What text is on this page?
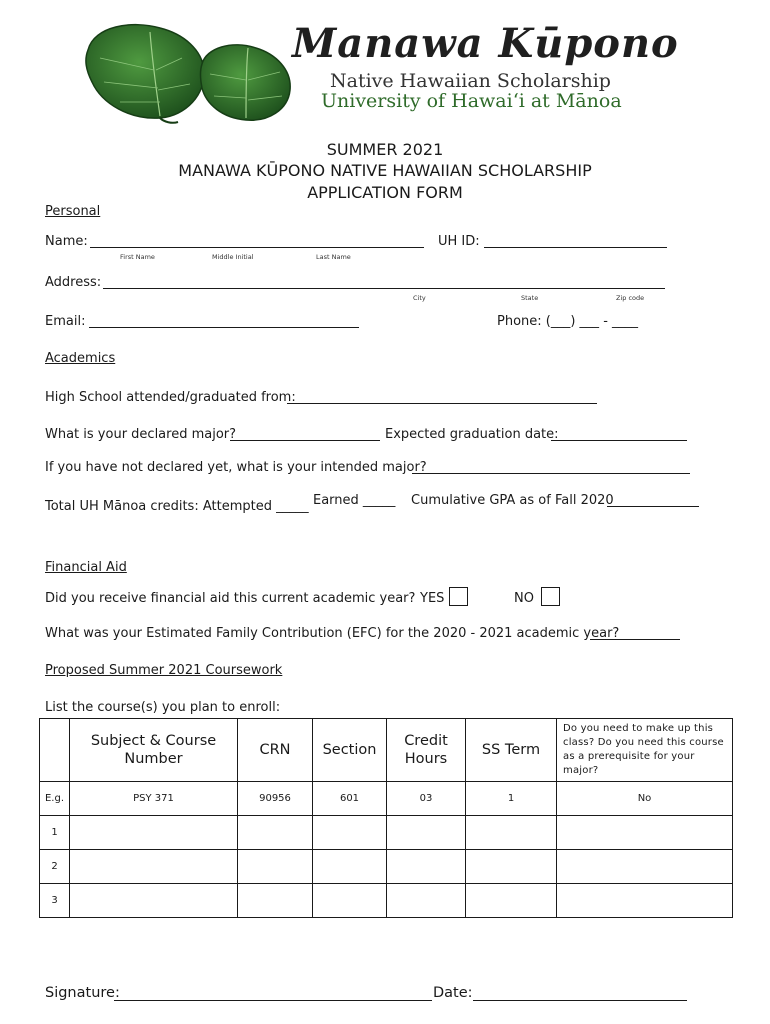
Manawa Kūpono
Native Hawaiian Scholarship
University of Hawaiʻi at Mānoa
SUMMER 2021
MANAWA KŪPONO NATIVE HAWAIIAN SCHOLARSHIP
APPLICATION FORM
Personal
Name:
First Name	Middle Initial	Last Name
UH ID:
Address:
City	State	Zip code
Email:	Phone: (___) ___ - ____
Academics
High School attended/graduated from:
What is your declared major?	Expected graduation date:
If you have not declared yet, what is your intended major?
Total UH Mānoa credits: Attempted _____ Earned _____ Cumulative GPA as of Fall 2020
Financial Aid
Did you receive financial aid this current academic year? YES	NO
What was your Estimated Family Contribution (EFC) for the 2020 - 2021 academic year?
Proposed Summer 2021 Coursework
List the course(s) you plan to enroll:
	Subject & Course Number	CRN	Section	Credit Hours	SS Term	Do you need to make up this class? Do you need this course as a prerequisite for your major?
E.g.	PSY 371	90956	601	03	1	No
1						
2						
3						
Signature:	Date:
